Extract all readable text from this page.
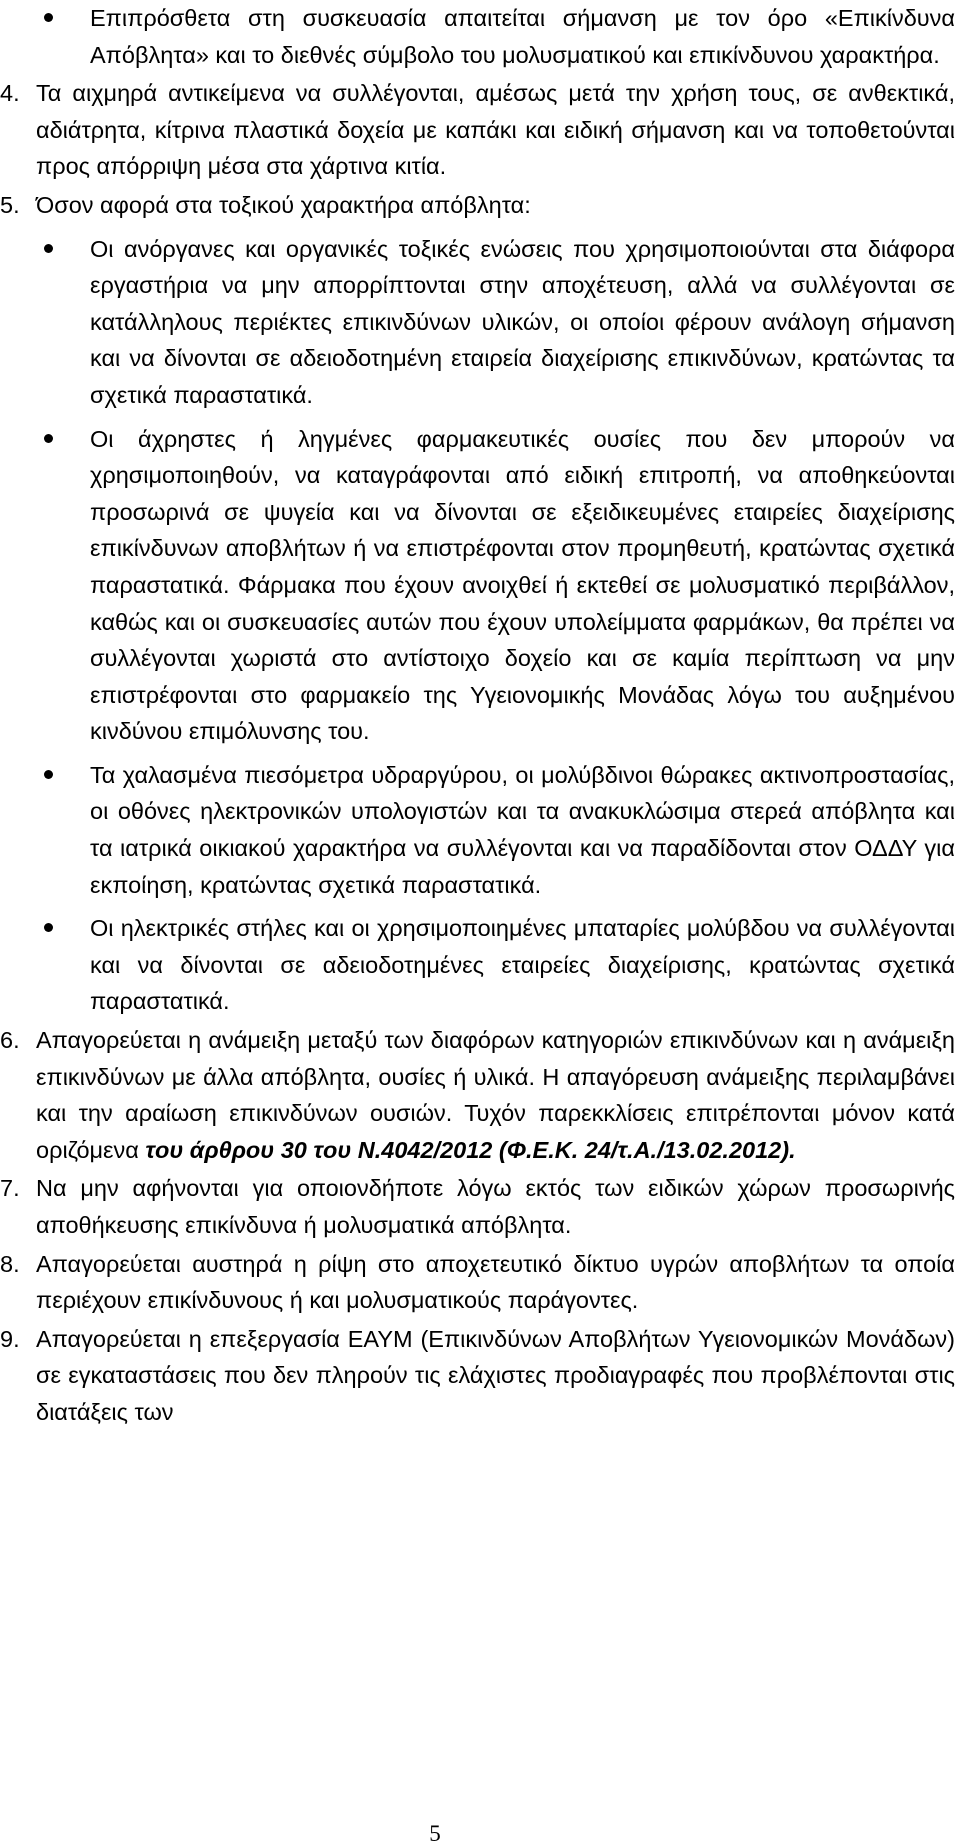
Επιπρόσθετα στη συσκευασία απαιτείται σήμανση με τον όρο «Επικίνδυνα Απόβλητα» και το διεθνές σύμβολο του μολυσματικού και επικίνδυνου χαρακτήρα.

4. Τα αιχμηρά αντικείμενα να συλλέγονται, αμέσως μετά την χρήση τους, σε ανθεκτικά, αδιάτρητα, κίτρινα πλαστικά δοχεία με καπάκι και ειδική σήμανση και να τοποθετούνται προς απόρριψη μέσα στα χάρτινα κιτία.

5. Όσον αφορά στα τοξικού χαρακτήρα απόβλητα:

Οι ανόργανες και οργανικές τοξικές ενώσεις που χρησιμοποιούνται στα διάφορα εργαστήρια να μην απορρίπτονται στην αποχέτευση, αλλά να συλλέγονται σε κατάλληλους περιέκτες επικινδύνων υλικών, οι οποίοι φέρουν ανάλογη σήμανση και να δίνονται σε αδειοδοτημένη εταιρεία διαχείρισης επικινδύνων, κρατώντας τα σχετικά παραστατικά.

Οι άχρηστες ή ληγμένες φαρμακευτικές ουσίες που δεν μπορούν να χρησιμοποιηθούν, να καταγράφονται από ειδική επιτροπή, να αποθηκεύονται προσωρινά σε ψυγεία και να δίνονται σε εξειδικευμένες εταιρείες διαχείρισης επικίνδυνων αποβλήτων ή να επιστρέφονται στον προμηθευτή, κρατώντας σχετικά παραστατικά. Φάρμακα που έχουν ανοιχθεί ή εκτεθεί σε μολυσματικό περιβάλλον, καθώς και οι συσκευασίες αυτών που έχουν υπολείμματα φαρμάκων, θα πρέπει να συλλέγονται χωριστά στο αντίστοιχο δοχείο και σε καμία περίπτωση να μην επιστρέφονται στο φαρμακείο της Υγειονομικής Μονάδας λόγω του αυξημένου κινδύνου επιμόλυνσης του.

Τα χαλασμένα πιεσόμετρα υδραργύρου, οι μολύβδινοι θώρακες ακτινοπροστασίας, οι οθόνες ηλεκτρονικών υπολογιστών και τα ανακυκλώσιμα στερεά απόβλητα και τα ιατρικά οικιακού χαρακτήρα να συλλέγονται και να παραδίδονται στον ΟΔΔΥ για εκποίηση, κρατώντας σχετικά παραστατικά.

Οι ηλεκτρικές στήλες και οι χρησιμοποιημένες μπαταρίες μολύβδου να συλλέγονται και να δίνονται σε αδειοδοτημένες εταιρείες διαχείρισης, κρατώντας σχετικά παραστατικά.

6. Απαγορεύεται η ανάμειξη μεταξύ των διαφόρων κατηγοριών επικινδύνων και η ανάμειξη επικινδύνων με άλλα απόβλητα, ουσίες ή υλικά. Η απαγόρευση ανάμειξης περιλαμβάνει και την αραίωση επικινδύνων ουσιών. Τυχόν παρεκκλίσεις επιτρέπονται μόνον κατά οριζόμενα του άρθρου 30 του Ν.4042/2012 (Φ.Ε.Κ. 24/τ.Α./13.02.2012).

7. Να μην αφήνονται για οποιονδήποτε λόγω εκτός των ειδικών χώρων προσωρινής αποθήκευσης επικίνδυνα ή μολυσματικά απόβλητα.

8. Απαγορεύεται αυστηρά η ρίψη στο αποχετευτικό δίκτυο υγρών αποβλήτων τα οποία περιέχουν επικίνδυνους ή και μολυσματικούς παράγοντες.

9. Απαγορεύεται η επεξεργασία ΕΑΥΜ (Επικινδύνων Αποβλήτων Υγειονομικών Μονάδων) σε εγκαταστάσεις που δεν πληρούν τις ελάχιστες προδιαγραφές που προβλέπονται στις διατάξεις των

5
